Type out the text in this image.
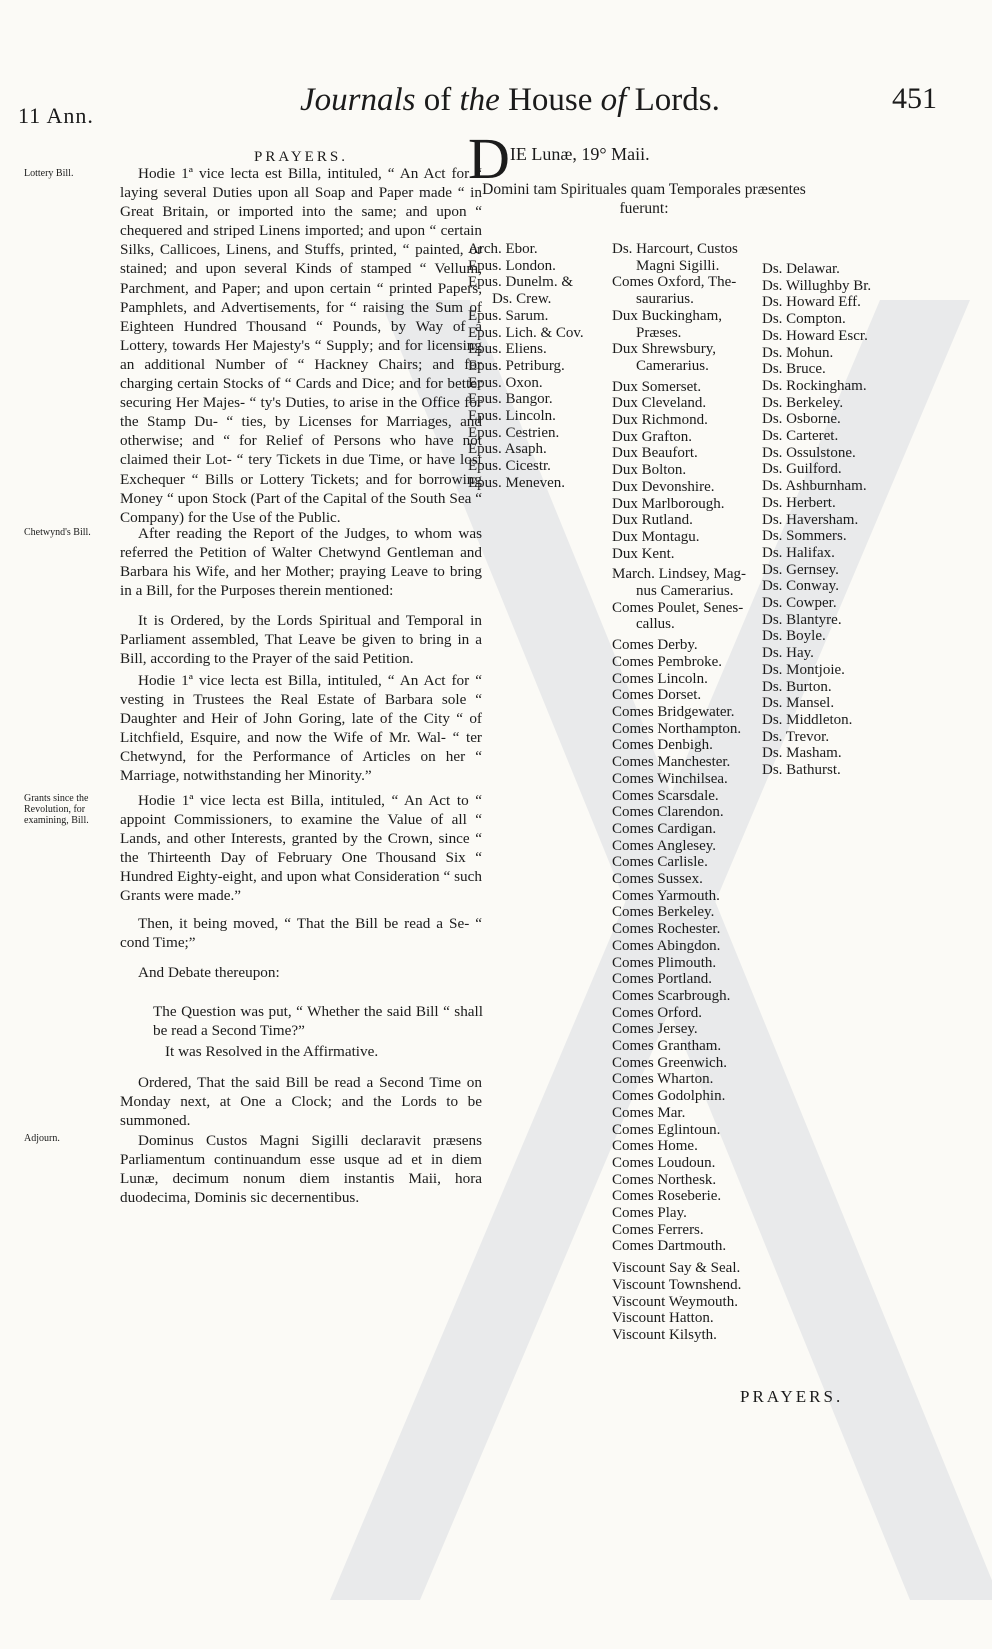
11 Ann.	Journals of the House of Lords.	451
PRAYERS.
Lottery Bill.	Hodie 1ª vice lecta est Billa, intituled, “ An Act for “ laying several Duties upon all Soap and Paper made “ in Great Britain, or imported into the same; and upon “ chequered and striped Linens imported; and upon “ certain Silks, Callicoes, Linens, and Stuffs, printed, “ painted, or stained; and upon several Kinds of stamped “ Vellum, Parchment, and Paper; and upon certain “ printed Papers, Pamphlets, and Advertisements, for “ raising the Sum of Eighteen Hundred Thousand “ Pounds, by Way of a Lottery, towards Her Majesty's “ Supply; and for licensing an additional Number of “ Hackney Chairs; and for charging certain Stocks of “ Cards and Dice; and for better securing Her Majes- “ ty's Duties, to arise in the Office for the Stamp Du- “ ties, by Licenses for Marriages, and otherwise; and “ for Relief of Persons who have not claimed their Lot- “ tery Tickets in due Time, or have lost Exchequer “ Bills or Lottery Tickets; and for borrowing Money “ upon Stock (Part of the Capital of the South Sea “ Company) for the Use of the Public.

Chetwynd's Bill.	After reading the Report of the Judges, to whom was referred the Petition of Walter Chetwynd Gentleman and Barbara his Wife, and her Mother; praying Leave to bring in a Bill, for the Purposes therein mentioned:

It is Ordered, by the Lords Spiritual and Temporal in Parliament assembled, That Leave be given to bring in a Bill, according to the Prayer of the said Petition.

Hodie 1ª vice lecta est Billa, intituled, “ An Act for “ vesting in Trustees the Real Estate of Barbara sole “ Daughter and Heir of John Goring, late of the City “ of Litchfield, Esquire, and now the Wife of Mr. Wal- “ ter Chetwynd, for the Performance of Articles on her “ Marriage, notwithstanding her Minority.”

Grants since the Revolution, for examining, Bill.

Hodie 1ª vice lecta est Billa, intituled, “ An Act to “ appoint Commissioners, to examine the Value of all “ Lands, and other Interests, granted by the Crown, since “ the Thirteenth Day of February One Thousand Six “ Hundred Eighty-eight, and upon what Consideration “ such Grants were made.”

Then, it being moved, “ That the Bill be read a Se- “ cond Time;”

And Debate thereupon:

The Question was put, “ Whether the said Bill “ shall be read a Second Time?”

It was Resolved in the Affirmative.

Ordered, That the said Bill be read a Second Time on Monday next, at One a Clock; and the Lords to be summoned.

Adjourn.	Dominus Custos Magni Sigilli declaravit præsens Parliamentum continuandum esse usque ad et in diem Lunæ, decimum nonum diem instantis Maii, hora duodecima, Dominis sic decernentibus.

DIE Lunæ, 19° Maii.
Domini tam Spirituales quam Temporales præsentes fuerunt:
Arch. Ebor.
Epus. London.
Epus. Dunelm. &
Ds. Crew.
Epus. Sarum.
Epus. Lich. & Cov.
Epus. Eliens.
Epus. Petriburg.
Epus. Oxon.
Epus. Bangor.
Epus. Lincoln.
Epus. Cestrien.
Epus. Asaph.
Epus. Cicestr.
Epus. Meneven.
Ds. Harcourt, Custos
Magni Sigilli.
Comes Oxford, The-
saurarius.
Dux Buckingham,
Præses.
Dux Shrewsbury,
Camerarius.
Dux Somerset.
Dux Cleveland.
Dux Richmond.
Dux Grafton.
Dux Beaufort.
Dux Bolton.
Dux Devonshire.
Dux Marlborough.
Dux Rutland.
Dux Montagu.
Dux Kent.
March. Lindsey, Mag-
nus Camerarius.
Comes Poulet, Senes-
callus.
Comes Derby.
Comes Pembroke.
Comes Lincoln.
Comes Dorset.
Comes Bridgewater.
Comes Northampton.
Comes Denbigh.
Comes Manchester.
Comes Winchilsea.
Comes Scarsdale.
Comes Clarendon.
Comes Cardigan.
Comes Anglesey.
Comes Carlisle.
Comes Sussex.
Comes Yarmouth.
Comes Berkeley.
Comes Rochester.
Comes Abingdon.
Comes Plimouth.
Comes Portland.
Comes Scarbrough.
Comes Orford.
Comes Jersey.
Comes Grantham.
Comes Greenwich.
Comes Wharton.
Comes Godolphin.
Comes Mar.
Comes Eglintoun.
Comes Home.
Comes Loudoun.
Comes Northesk.
Comes Roseberie.
Comes Play.
Comes Ferrers.
Comes Dartmouth.
Viscount Say & Seal.
Viscount Townshend.
Viscount Weymouth.
Viscount Hatton.
Viscount Kilsyth.
Ds. Delawar.
Ds. Willughby Br.
Ds. Howard Eff.
Ds. Compton.
Ds. Howard Escr.
Ds. Mohun.
Ds. Bruce.
Ds. Rockingham.
Ds. Berkeley.
Ds. Osborne.
Ds. Carteret.
Ds. Ossulstone.
Ds. Guilford.
Ds. Ashburnham.
Ds. Herbert.
Ds. Haversham.
Ds. Sommers.
Ds. Halifax.
Ds. Gernsey.
Ds. Conway.
Ds. Cowper.
Ds. Blantyre.
Ds. Boyle.
Ds. Hay.
Ds. Montjoie.
Ds. Burton.
Ds. Mansel.
Ds. Middleton.
Ds. Trevor.
Ds. Masham.
Ds. Bathurst.
PRAYERS.
